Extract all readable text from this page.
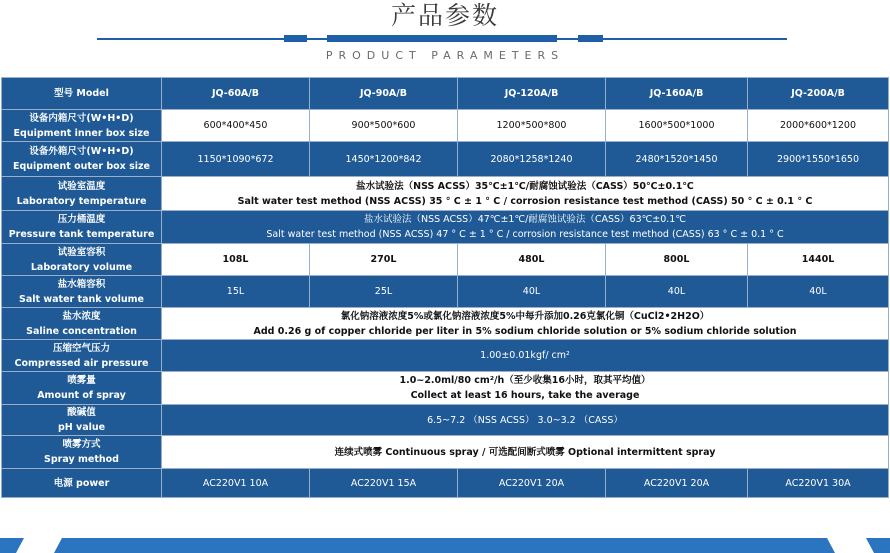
产品参数
PRODUCT PARAMETERS
型号 Model	JQ-60A/B	JQ-90A/B	JQ-120A/B	JQ-160A/B	JQ-200A/B

设备内箱尺寸(W•H•D)
Equipment inner box size	600*400*450	900*500*600	1200*500*800	1600*500*1000	2000*600*1200

设备外箱尺寸(W•H•D)
Equipment outer box size	1150*1090*672	1450*1200*842	2080*1258*1240	2480*1520*1450	2900*1550*1650

试验室温度
Laboratory temperature	盐水试验法（NSS ACSS）35℃±1℃/耐腐蚀试验法（CASS）50℃±0.1℃
Salt water test method (NSS ACSS) 35 ° C ± 1 ° C / corrosion resistance test method (CASS) 50 ° C ± 0.1 ° C				

压力桶温度
Pressure tank temperature	盐水试验法（NSS ACSS）47℃±1℃/耐腐蚀试验法（CASS）63℃±0.1℃
Salt water test method (NSS ACSS) 47 ° C ± 1 ° C / corrosion resistance test method (CASS) 63 ° C ± 0.1 ° C				

试验室容积
Laboratory volume	108L	270L	480L	800L	1440L

盐水箱容积
Salt water tank volume	15L	25L	40L	40L	40L

盐水浓度
Saline concentration	氯化钠溶液浓度5%或氯化钠溶液浓度5%中每升添加0.26克氯化铜（CuCl2•2H2O）
Add 0.26 g of copper chloride per liter in 5% sodium chloride solution or 5% sodium chloride solution				

压缩空气压力
Compressed air pressure	1.00±0.01kgf/ cm²				

喷雾量
Amount of spray	1.0~2.0ml/80 cm²/h（至少收集16小时，取其平均值）
Collect at least 16 hours, take the average				

酸碱值
pH value	6.5~7.2 （NSS ACSS） 3.0~3.2 （CASS）				

喷雾方式
Spray method	连续式喷雾 Continuous spray / 可选配间断式喷雾 Optional intermittent spray				
电源 power	AC220V1 10A	AC220V1 15A	AC220V1 20A	AC220V1 20A	AC220V1 30A
